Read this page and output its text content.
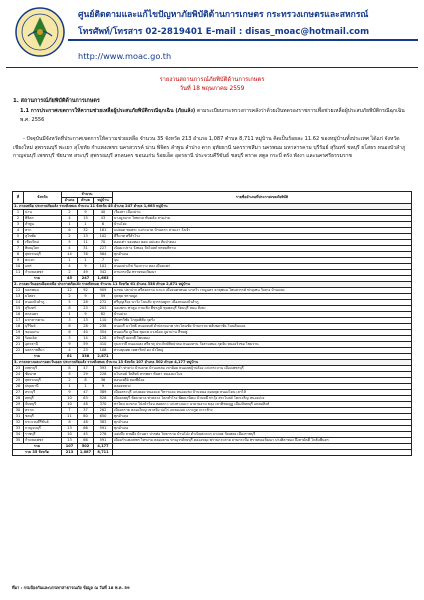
ศูนย์ติดตามและแก้ไขปัญหาภัยพิบัติด้านการเกษตร กระทรวงเกษตรและสหกรณ์
โทรศัพท์/โทรสาร 02-2819401 E-mail : disas_moac@hotmail.com
http://www.moac.go.th
รายงานสถานการณ์ภัยพิบัติด้านการเกษตร
วันที่ 18 พฤษภาคม 2559
1. สถานการณ์ภัยพิบัติด้านการเกษตร
1.1 การประกาศเขตการให้ความช่วยเหลือผู้ประสบภัยพิบัติกรณีฉุกเฉิน (ภัยแล้ง) ตามระเบียบกระทรวงการคลังว่าด้วยเงินทดรองราชการเพื่อช่วยเหลือผู้ประสบภัยพิบัติกรณีฉุกเฉิน พ.ศ. 2556
- ปัจจุบันมีจังหวัดที่ประกาศเขตการให้ความช่วยเหลือ จำนวน 35 จังหวัด 213 อำเภอ 1,087 ตำบล 8,711 หมู่บ้าน คิดเป็นร้อยละ 11.62 ของหมู่บ้านทั้งประเทศ ได้แก่ จังหวัดเชียงใหม่ สุพรรณบุรี พะเยา สุโขทัย กำแพงเพชร นครสวรรค์ น่าน พิจิตร ลำพูน ลำปาง ตาก อุทัยธานี นครราชสีมา นครพนม มหาสารคาม บุรีรัมย์ สุรินทร์ ชลบุรี ยโสธร หนองบัวลำภู กาญจนบุรี เพชรบุรี ชัยนาท สระบุรี สุพรรณบุรี สกลนคร ขอนแก่น ร้อยเอ็ด อุดรธานี ประจวบคีรีขันธ์ ชลบุรี ตราด สตูล กระบี่ ตรัง พังงา และนครศรีธรรมราช
ที่	จังหวัด	จำนวน			รายชื่ออำเภอที่ประกาศเขตภัยพิบัติ
		อำเภอ	ตำบล	หมู่บ้าน	
1. ภาคเหนือ ประกาศภัยแล้ง รวมทั้งหมด จำนวน 11 จังหวัด 45 อำเภอ 247 ตำบล 1,663 หมู่บ้าน					
1	น่าน	2	9	40	เวียงสา เมืองน่าน
2	พิจิตร	4	15	43	บางมูลนาก โพทะเล ทับคล้อ สามง่าม
3	ลำพูน	1	1	6	บ้านโฮ่ง
4	ตาก	6	32	161	แม่สอด พบพระ แม่ระมาด บ้านตาก สามเงา วังเจ้า
5	สุโขทัย	2	13	102	คีรีมาศ ศรีสำโรง
6	เชียงใหม่	5	11	70	ดอยเต่า จอมทอง ฮอด แม่แตง สันป่าตอง
7	พิษณุโลก	4	31	227	เนินมะปราง วังทอง วัดโบสถ์ พรหมพิราม
8	สุพรรณบุรี	14	76	564	ทุกอำเภอ
9	พะเยา	1	1	7	จุน
10	แพร่	4	9	101	หนองม่วงไข่ ร้องกวาง สอง เมืองแพร่
11	กำแพงเพชร	2	49	342	ลานกระบือ ทรายทองวัฒนา
รวม		45	247	1,663	
2. ภาคตะวันออกเฉียงเหนือ ประกาศภัยแล้ง รวมทั้งหมด จำนวน 11 จังหวัด 61 อำเภอ 338 ตำบล 2,871 หมู่บ้าน					
12	นครพนม	12	92	909	นาทม ปลาปาก ศรีสงคราม นาแก เมืองนครพนม นาหว้า เรณูนคร ธาตุพนม โพนสวรรค์ ท่าอุเทน วังยาง บ้านแพง
13	ยโสธร	2	9	59	กุดชุม ทรายมูล
14	หนองบัวลำภู	5	28	272	ศรีบุญเรือง นาวัง โนนสัง สุวรรณคูหา เมืองหนองบัวลำภู
15	สุรินทร์	8	23	203	จอมพระ ท่าตูม กาบเชิง ศีขรภูมิ ชุมพลบุรี รัตนบุรี สนม สังขะ
16	สกลนคร	1	9	82	บ้านม่วง
17	มหาสารคาม	3	13	110	กันทรวิชัย โกสุมพิสัย กุดรัง
18	บุรีรัมย์	8	28	238	หนองกี่ นาโพธิ์ หนองหงส์ ลำปลายมาศ ประโคนชัย บ้านกรวด พลับพลาชัย โนนดินแดง
19	ขอนแก่น	6	40	354	หนองเรือ ภูเวียง ชุมแพ แวงน้อย ภูผาม่าน สีชมพู
20	ร้อยเอ็ด	3	14	128	ธวัชบุรี เมยวดี โพนทอง
21	อุดรธานี	9	59	410	กุมภวาปี หนองแสง ศรีธาตุ ประจักษ์ศิลปาคม หนองหาน วังสามหมอ กุดจับ หนองวัวซอ ไชยวาน
22	นครราชสีมา	4	23	106	ด่านขุนทด เทพารักษ์ คง บัวใหญ่
รวม		61	338	2,871	
3. ภาคกลางและภาคตะวันออก ประกาศภัยแล้ง รวมทั้งหมด จำนวน 13 จังหวัด 107 อำเภอ 502 ตำบล 4,177 หมู่บ้าน					
23	เพชรบุรี	8	47	393	ชะอำ ท่ายาง บ้านลาด บ้านแหลม เขาย้อย หนองหญ้าปล้อง แก่งกระจาน เมืองเพชรบุรี
24	ชัยนาท	5	29	226	มโนรมย์ วัดสิงห์ สรรพยา หันคา หนองมะโมง
25	สุพรรณบุรี	2	8	36	ดอนเจดีย์ สองพี่น้อง
26	ปทุมธานี	1	1	9	คลองหลวง
27	สระบุรี	9	47	389	เมืองสระบุรี แก่งคอย หนองแค วิหารแดง หนองแซง บ้านหมอ ดอนพุด หนองโดน เสาไห้
28	ลพบุรี	10	63	526	เมืองลพบุรี ชัยบาดาล ท่าหลวง โคกสำโรง พัฒนานิคม บ้านหมี่ ท่าวุ้ง สระโบสถ์ โคกเจริญ หนองม่วง
29	จันทบุรี	10	48	370	ท่าใหม่ มะขาม โป่งน้ำร้อน สอยดาว แก่งหางแมว นายายอาม ขลุง เขาคิชฌกูฏ เมืองจันทบุรี แหลมสิงห์
30	ตราด	7	37	262	เมืองตราด คลองใหญ่ เขาสมิง บ่อไร่ แหลมงอบ เกาะกูด เกาะช้าง
31	ชลบุรี	11	80	650	ทุกอำเภอ
32	ประจวบคีรีขันธ์	8	48	383	ทุกอำเภอ
33	กาญจนบุรี	13	66	591	ทุกอำเภอ
34	ราชบุรี	10	45	276	จอมบึง สวนผึ้ง บ้านคา ปากท่อ โพธาราม บ้านโป่ง ดำเนินสะดวก บางแพ วัดเพลง เมืองราชบุรี
35	กำแพงเพชร	13	66	591	เมืองกำแพงเพชร ไทรงาม คลองลาน ขาณุวรลักษบุรี คลองขลุง พรานกระต่าย ลานกระบือ ทรายทองวัฒนา ปางศิลาทอง บึงสามัคคี โกสัมพีนคร
รวม		107	502	4,177	
รวม 35 จังหวัด		213	1,087	8,711	
ที่มา : กรมป้องกันและบรรเทาสาธารณภัย ข้อมูล ณ วันที่ 18 พ.ค. 59
